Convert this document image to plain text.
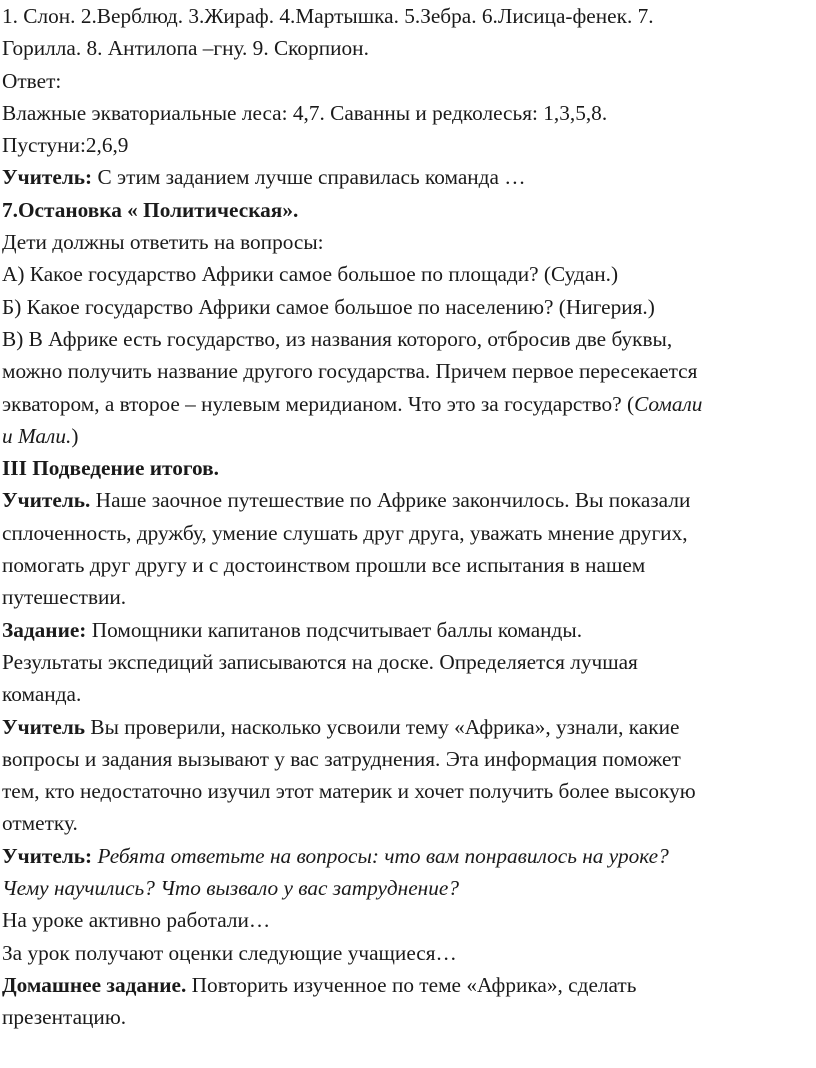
1. Слон. 2.Верблюд. 3.Жираф. 4.Мартышка. 5.Зебра. 6.Лисица-фенек. 7.

Горилла. 8. Антилопа –гну. 9. Скорпион.

Ответ:

Влажные экваториальные леса: 4,7. Саванны и редколесья: 1,3,5,8.

Пустуни:2,6,9

Учитель: С этим заданием лучше справилась команда …

7.Остановка « Политическая».

Дети должны ответить на вопросы:

А) Какое государство Африки самое большое по площади? (Судан.)

Б) Какое государство Африки самое большое по населению? (Нигерия.)

В) В Африке есть государство, из названия которого, отбросив две буквы,

можно получить название другого государства. Причем первое пересекается

экватором, а второе – нулевым меридианом. Что это за государство? (Сомали

и Мали.)

III Подведение итогов.

Учитель. Наше заочное путешествие по Африке закончилось. Вы показали

сплоченность, дружбу, умение слушать друг друга, уважать мнение других,

помогать друг другу и с достоинством прошли все испытания в нашем

путешествии.

Задание: Помощники капитанов подсчитывает баллы команды.

Результаты экспедиций записываются на доске. Определяется лучшая

команда.

Учитель Вы проверили, насколько усвоили тему «Африка», узнали, какие

вопросы и задания вызывают у вас затруднения. Эта информация поможет

тем, кто недостаточно изучил этот материк и хочет получить более высокую

отметку.

Учитель: Ребята ответьте на вопросы: что вам понравилось на уроке?

Чему научились? Что вызвало у вас затруднение?

На уроке активно работали…

За урок получают оценки следующие учащиеся…

Домашнее задание. Повторить изученное по теме «Африка», сделать

презентацию.
